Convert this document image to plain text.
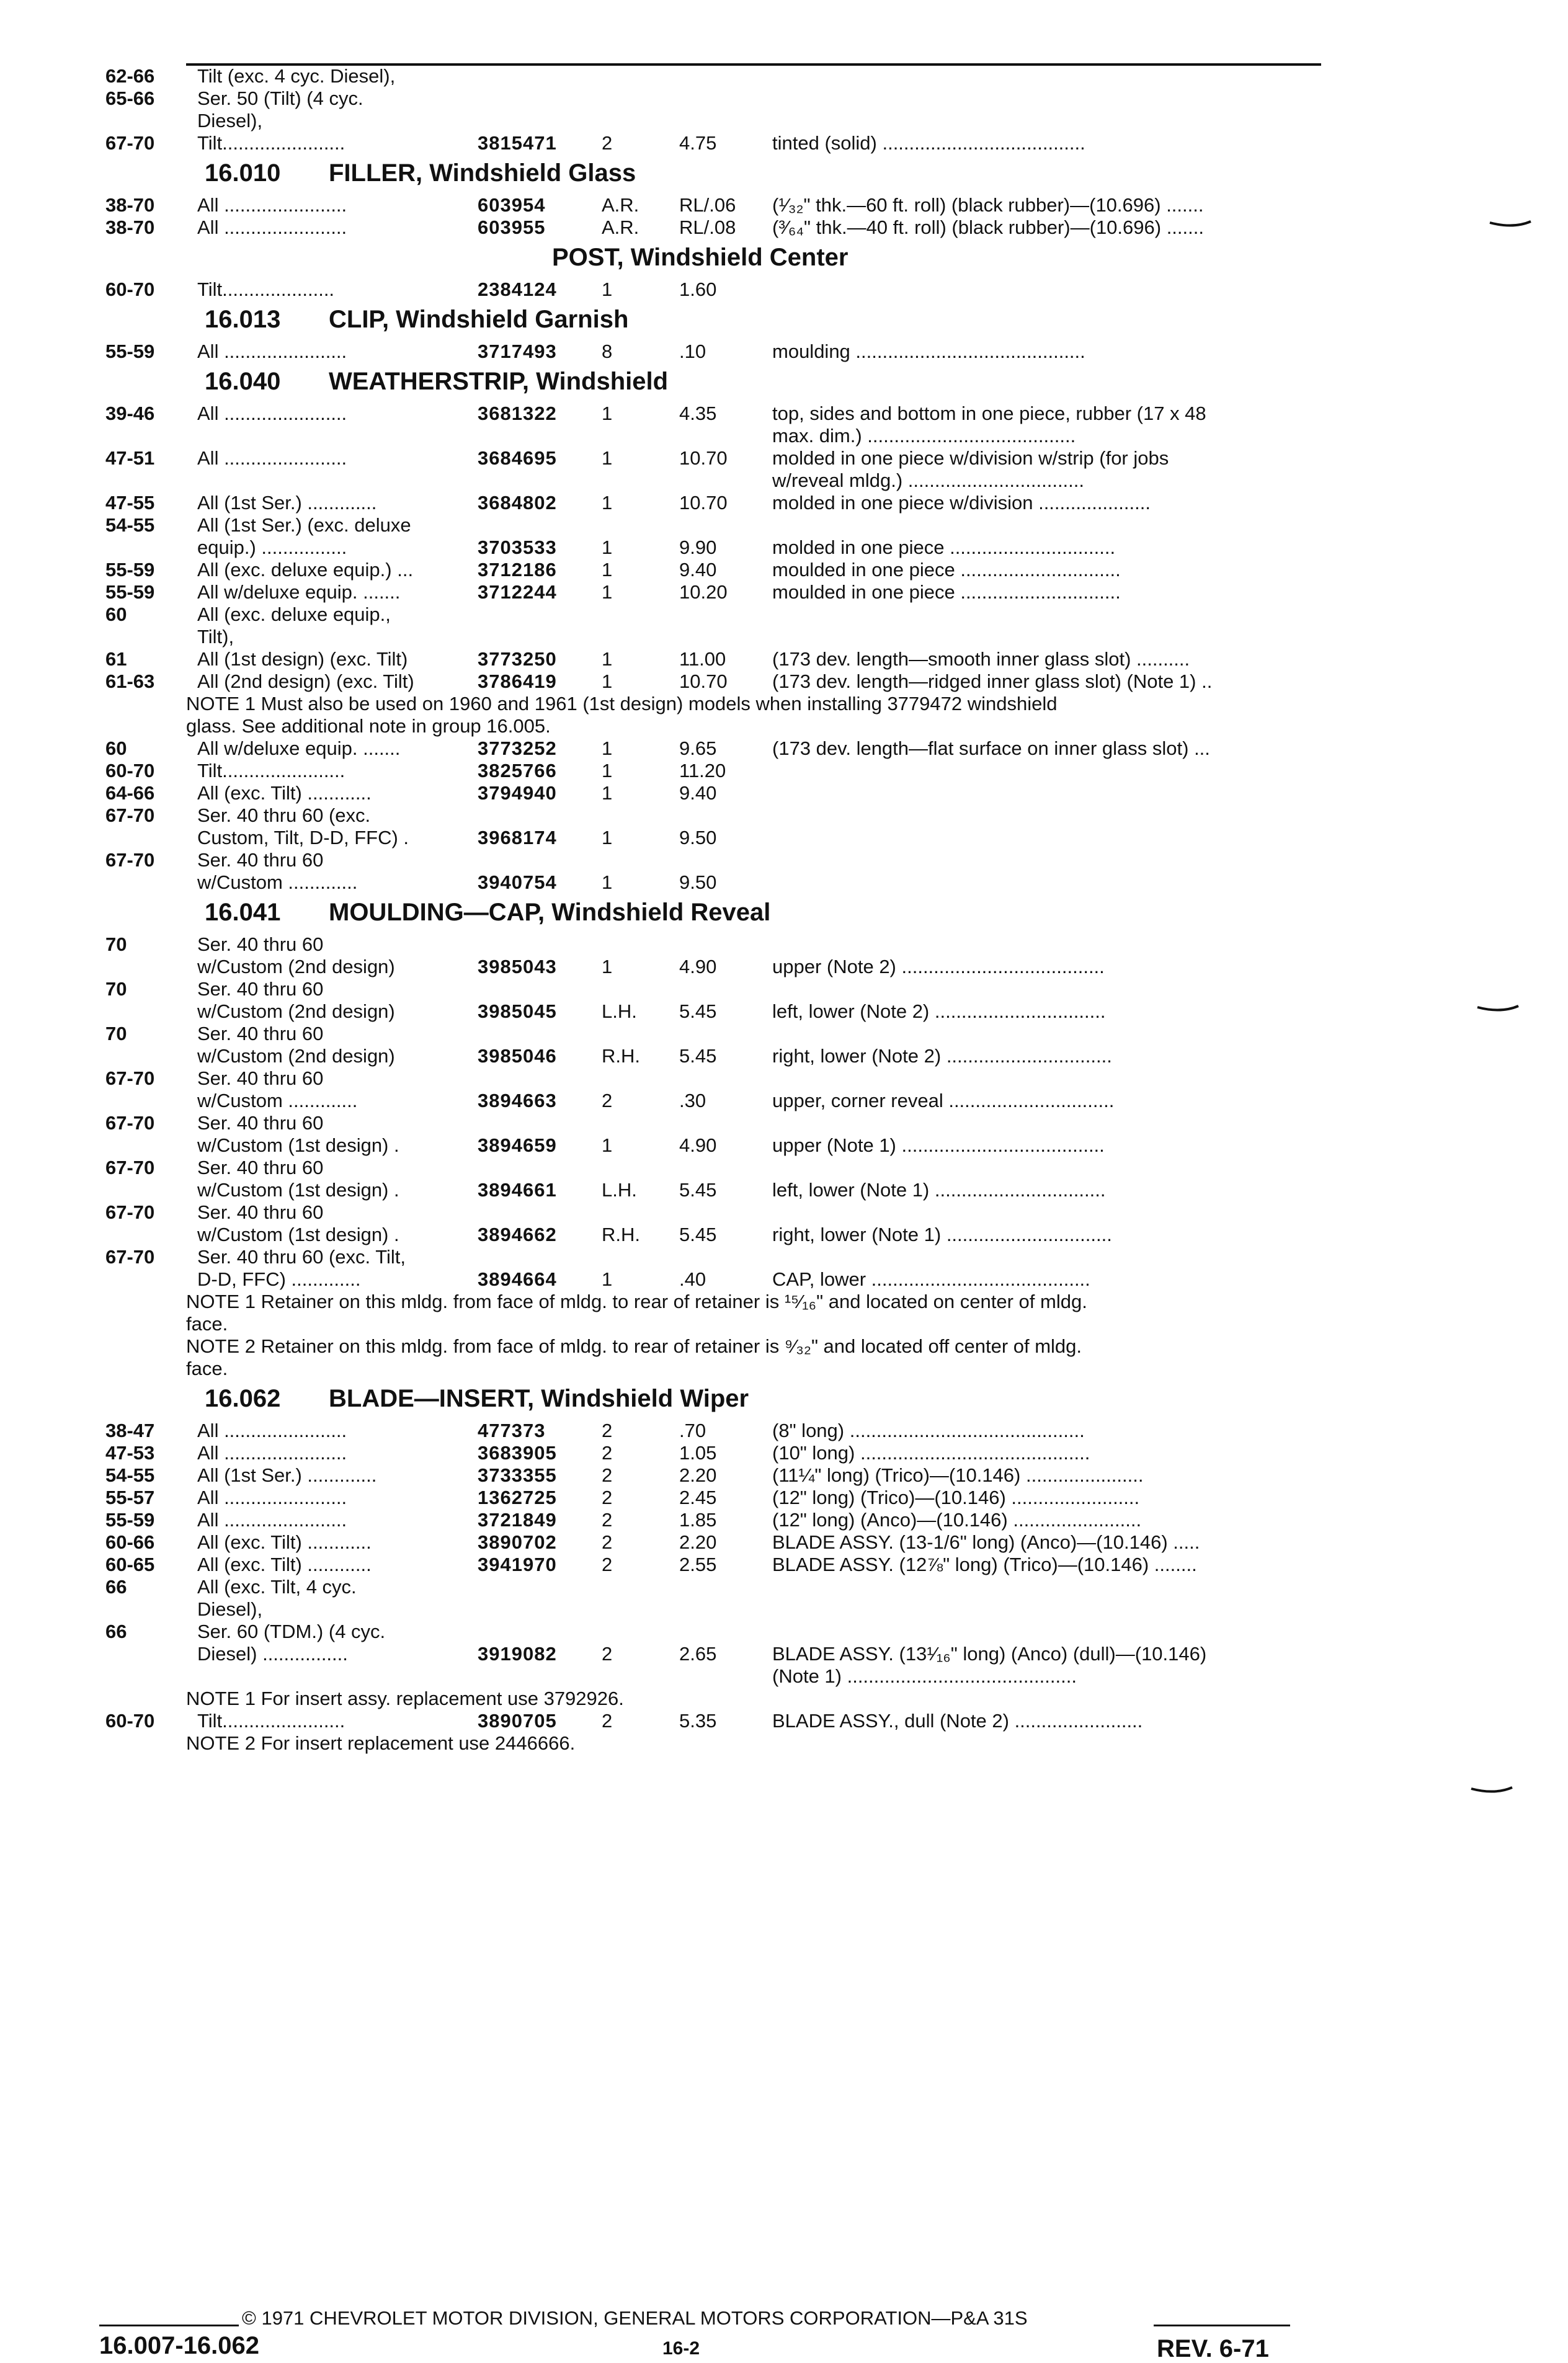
62-66 Tilt (exc. 4 cyc. Diesel),
65-66 Ser. 50 (Tilt) (4 cyc.
Diesel),
67-70 Tilt.......................	3815471 2	4.75	tinted (solid) ......................................
16.010 FILLER, Windshield Glass
38-70 All .......................	603954	A.R. RL/.06 (¹⁄₃₂" thk.—60 ft. roll) (black rubber)—(10.696) .......
38-70 All .......................	603955	A.R. RL/.08 (³⁄₆₄" thk.—40 ft. roll) (black rubber)—(10.696) .......
POST, Windshield Center
60-70 Tilt.....................	2384124 1	1.60
16.013 CLIP, Windshield Garnish
55-59 All .......................	3717493 8	.10	moulding ...........................................
16.040 WEATHERSTRIP, Windshield
39-46 All .......................	3681322 1	4.35	top, sides and bottom in one piece, rubber (17 x 48
max. dim.) .......................................
47-51 All .......................	3684695 1	10.70 molded in one piece w/division w/strip (for jobs
w/reveal mldg.) .................................
47-55 All (1st Ser.) .............	3684802 1	10.70 molded in one piece w/division .....................
54-55 All (1st Ser.) (exc. deluxe
equip.) ................	3703533 1	9.90	molded in one piece ...............................
55-59 All (exc. deluxe equip.) ...	3712186 1	9.40	moulded in one piece ..............................
55-59 All w/deluxe equip. .......	3712244 1	10.20 moulded in one piece ..............................
60	All (exc. deluxe equip.,
Tilt),
61	All (1st design) (exc. Tilt)	3773250 1	11.00 (173 dev. length—smooth inner glass slot) ..........
61-63 All (2nd design) (exc. Tilt)	3786419 1	10.70 (173 dev. length—ridged inner glass slot) (Note 1) ..
NOTE 1 Must also be used on 1960 and 1961 (1st design) models when installing 3779472 windshield
glass. See additional note in group 16.005.
60	All w/deluxe equip. .......	3773252 1	9.65	(173 dev. length—flat surface on inner glass slot) ...
60-70 Tilt.......................	3825766 1	11.20
64-66 All (exc. Tilt) ............	3794940 1	9.40
67-70 Ser. 40 thru 60 (exc.
Custom, Tilt, D-D, FFC) .	3968174 1	9.50
67-70 Ser. 40 thru 60
w/Custom .............	3940754 1	9.50
16.041 MOULDING—CAP, Windshield Reveal
70	Ser. 40 thru 60
w/Custom (2nd design)	3985043 1	4.90	upper (Note 2) ......................................
70	Ser. 40 thru 60
w/Custom (2nd design)	3985045 L.H. 5.45	left, lower (Note 2) ................................
70	Ser. 40 thru 60
w/Custom (2nd design)	3985046 R.H. 5.45	right, lower (Note 2) ...............................
67-70 Ser. 40 thru 60
w/Custom .............	3894663 2	.30	upper, corner reveal ...............................
67-70 Ser. 40 thru 60
w/Custom (1st design) .	3894659 1	4.90	upper (Note 1) ......................................
67-70 Ser. 40 thru 60
w/Custom (1st design) .	3894661 L.H. 5.45	left, lower (Note 1) ................................
67-70 Ser. 40 thru 60
w/Custom (1st design) .	3894662 R.H. 5.45	right, lower (Note 1) ...............................
67-70 Ser. 40 thru 60 (exc. Tilt,
D-D, FFC) .............	3894664 1	.40	CAP, lower .........................................
NOTE 1 Retainer on this mldg. from face of mldg. to rear of retainer is ¹⁵⁄₁₆" and located on center of mldg.
face.
NOTE 2 Retainer on this mldg. from face of mldg. to rear of retainer is ⁹⁄₃₂" and located off center of mldg.
face.
16.062 BLADE—INSERT, Windshield Wiper
38-47 All .......................	477373	2	.70	(8" long) ............................................
47-53 All .......................	3683905 2	1.05	(10" long) ...........................................
54-55 All (1st Ser.) .............	3733355 2	2.20	(11¼" long) (Trico)—(10.146) ......................
55-57 All .......................	1362725 2	2.45	(12" long) (Trico)—(10.146) ........................
55-59 All .......................	3721849 2	1.85	(12" long) (Anco)—(10.146) ........................
60-66 All (exc. Tilt) ............	3890702 2	2.20	BLADE ASSY. (13-1/6" long) (Anco)—(10.146) .....
60-65 All (exc. Tilt) ............	3941970 2	2.55	BLADE ASSY. (12⅞" long) (Trico)—(10.146) ........
66	All (exc. Tilt, 4 cyc.
Diesel),
66	Ser. 60 (TDM.) (4 cyc.
Diesel) ................	3919082 2	2.65	BLADE ASSY. (13¹⁄₁₆" long) (Anco) (dull)—(10.146)
(Note 1) ...........................................
NOTE 1 For insert assy. replacement use 3792926.
60-70 Tilt.......................	3890705 2	5.35	BLADE ASSY., dull (Note 2) ........................
NOTE 2 For insert replacement use 2446666.
© 1971 CHEVROLET MOTOR DIVISION, GENERAL MOTORS CORPORATION—P&A 31S
16.007-16.062	16-2	REV. 6-71
